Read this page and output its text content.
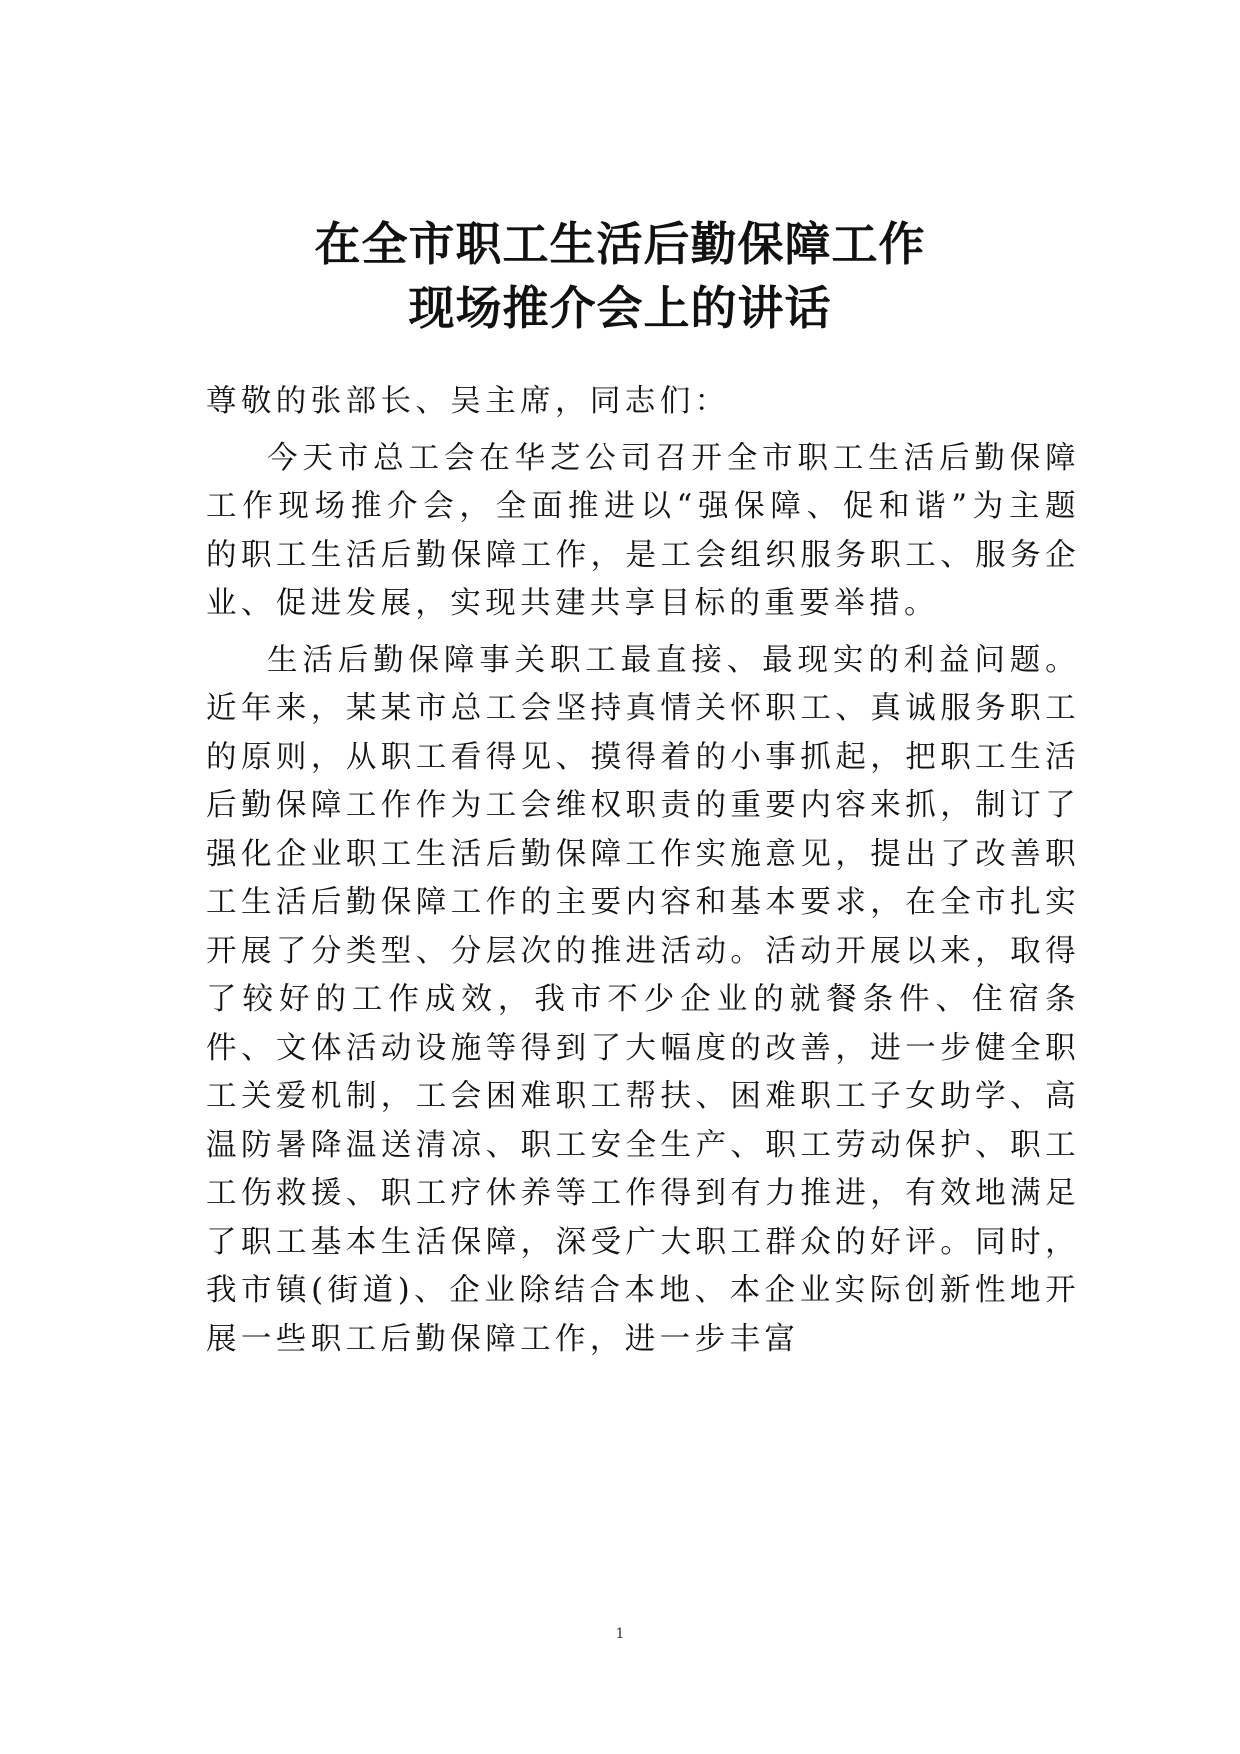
在全市职工生活后勤保障工作
现场推介会上的讲话

尊敬的张部长、吴主席，同志们：

今天市总工会在华芝公司召开全市职工生活后勤保障工作现场推介会，全面推进以“强保障、促和谐”为主题的职工生活后勤保障工作，是工会组织服务职工、服务企业、促进发展，实现共建共享目标的重要举措。

生活后勤保障事关职工最直接、最现实的利益问题。近年来，某某市总工会坚持真情关怀职工、真诚服务职工的原则，从职工看得见、摸得着的小事抓起，把职工生活后勤保障工作作为工会维权职责的重要内容来抓，制订了强化企业职工生活后勤保障工作实施意见，提出了改善职工生活后勤保障工作的主要内容和基本要求，在全市扎实开展了分类型、分层次的推进活动。活动开展以来，取得了较好的工作成效，我市不少企业的就餐条件、住宿条件、文体活动设施等得到了大幅度的改善，进一步健全职工关爱机制，工会困难职工帮扶、困难职工子女助学、高温防暑降温送清凉、职工安全生产、职工劳动保护、职工工伤救援、职工疗休养等工作得到有力推进，有效地满足了职工基本生活保障，深受广大职工群众的好评。同时，我市镇(街道)、企业除结合本地、本企业实际创新性地开展一些职工后勤保障工作，进一步丰富

1
